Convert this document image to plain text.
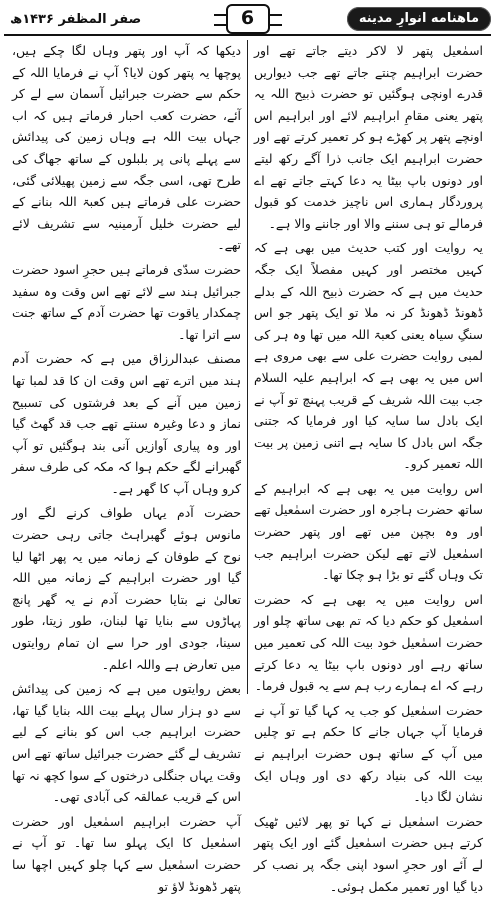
ماهنامه انوارِ مدینه
6
صفر المظفر ۱۴۳۶ھ

اسمٰعیل پتھر لا لاکر دیتے جاتے تھے اور حضرت ابراہیم چنتے جاتے تھے جب دیواریں قدرے اونچی ہوگئیں تو حضرت ذبیح اللہ یہ پتھر یعنی مقامِ ابراہیم لائے اور ابراہیم اس اونچے پتھر پر کھڑے ہو کر تعمیر کرتے تھے اور حضرت ابراہیم ایک جانب ذرا آگے رکھ لیتے اور دونوں باپ بیٹا یہ دعا کہتے جاتے تھے اے پروردگار ہماری اس ناچیز خدمت کو قبول فرمالے تو ہی سننے والا اور جاننے والا ہے۔

یہ روایت اور کتب حدیث میں بھی ہے کہ کہیں مختصر اور کہیں مفصلاً ایک جگہ حدیث میں ہے کہ حضرت ذبیح اللہ کے بدلے ڈھونڈ ڈھونڈ کر نہ ملا تو ایک پتھر جو اس سنگِ سیاہ یعنی کعبۃ اللہ میں تھا وہ ہر کی لمبی روایت حضرت علی سے بھی مروی ہے اس میں یہ بھی ہے کہ ابراہیم علیہ السلام جب بیت اللہ شریف کے قریب پہنچ تو آپ نے ایک بادل سا سایہ کیا اور فرمایا کہ جتنی جگہ اس بادل کا سایہ ہے اتنی زمین پر بیت اللہ تعمیر کرو۔

اس روایت میں یہ بھی ہے کہ ابراہیم کے ساتھ حضرت ہاجرہ اور حضرت اسمٰعیل تھے اور وہ بچپن میں تھے اور پتھر حضرت اسمٰعیل لاتے تھے لیکن حضرت ابراہیم جب تک وہاں گئے تو بڑا ہو چکا تھا۔

اس روایت میں یہ بھی ہے کہ حضرت اسمٰعیل کو حکم دیا کہ تم بھی ساتھ چلو اور حضرت اسمٰعیل خود بیت اللہ کی تعمیر میں ساتھ رہے اور دونوں باپ بیٹا یہ دعا کرتے رہے کہ اے ہمارے رب ہم سے یہ قبول فرما۔

حضرت اسمٰعیل کو جب یہ کہا گیا تو آپ نے فرمایا آپ جہاں جانے کا حکم ہے تو چلیں میں آپ کے ساتھ ہوں حضرت ابراہیم نے بیت اللہ کی بنیاد رکھ دی اور وہاں ایک نشان لگا دیا۔

حضرت اسمٰعیل نے کہا تو پھر لائیں ٹھیک کرتے ہیں حضرت اسمٰعیل گئے اور ایک پتھر لے آئے اور حجرِ اسود اپنی جگہ پر نصب کر دیا گیا اور تعمیر مکمل ہوئی۔

دیکھا کہ آپ اور پتھر وہاں لگا چکے ہیں، پوچھا یہ پتھر کون لایا؟ آپ نے فرمایا اللہ کے حکم سے حضرت جبرائیل آسمان سے لے کر آئے، حضرت کعب احبار فرماتے ہیں کہ اب جہاں بیت اللہ ہے وہاں زمین کی پیدائش سے پہلے پانی پر بلبلوں کے ساتھ جھاگ کی طرح تھی، اسی جگہ سے زمین پھیلائی گئی، حضرت علی فرماتے ہیں کعبۃ اللہ بنانے کے لیے حضرت خلیل آرمینیہ سے تشریف لائے تھے۔

حضرت سدّی فرماتے ہیں حجرِ اسود حضرت جبرائیل ہند سے لائے تھے اس وقت وہ سفید چمکدار یاقوت تھا حضرت آدم کے ساتھ جنت سے اترا تھا۔

مصنف عبدالرزاق میں ہے کہ حضرت آدم ہند میں اترے تھے اس وقت ان کا قد لمبا تھا زمین میں آنے کے بعد فرشتوں کی تسبیح نماز و دعا وغیرہ سنتے تھے جب قد گھٹ گیا اور وہ پیاری آوازیں آنی بند ہوگئیں تو آپ گھبرانے لگے حکم ہوا کہ مکہ کی طرف سفر کرو وہاں آپ کا گھر ہے۔

حضرت آدم یہاں طواف کرنے لگے اور مانوس ہوئے گھبراہٹ جاتی رہی حضرت نوح کے طوفان کے زمانہ میں یہ پھر اٹھا لیا گیا اور حضرت ابراہیم کے زمانہ میں اللہ تعالیٰ نے بتایا حضرت آدم نے یہ گھر پانچ پہاڑوں سے بنایا تھا لبنان، طور زیتا، طور سینا، جودی اور حرا سے ان تمام روایتوں میں تعارض ہے واللہ اعلم۔

بعض روایتوں میں ہے کہ زمین کی پیدائش سے دو ہزار سال پہلے بیت اللہ بنایا گیا تھا، حضرت ابراہیم جب اس کو بنانے کے لیے تشریف لے گئے حضرت جبرائیل ساتھ تھے اس وقت یہاں جنگلی درختوں کے سوا کچھ نہ تھا اس کے قریب عمالقہ کی آبادی تھی۔

آپ حضرت ابراہیم اسمٰعیل اور حضرت اسمٰعیل کا ایک پہلو سا تھا۔ تو آپ نے حضرت اسمٰعیل سے کہا چلو کہیں اچھا سا پتھر ڈھونڈ لاؤ تو
